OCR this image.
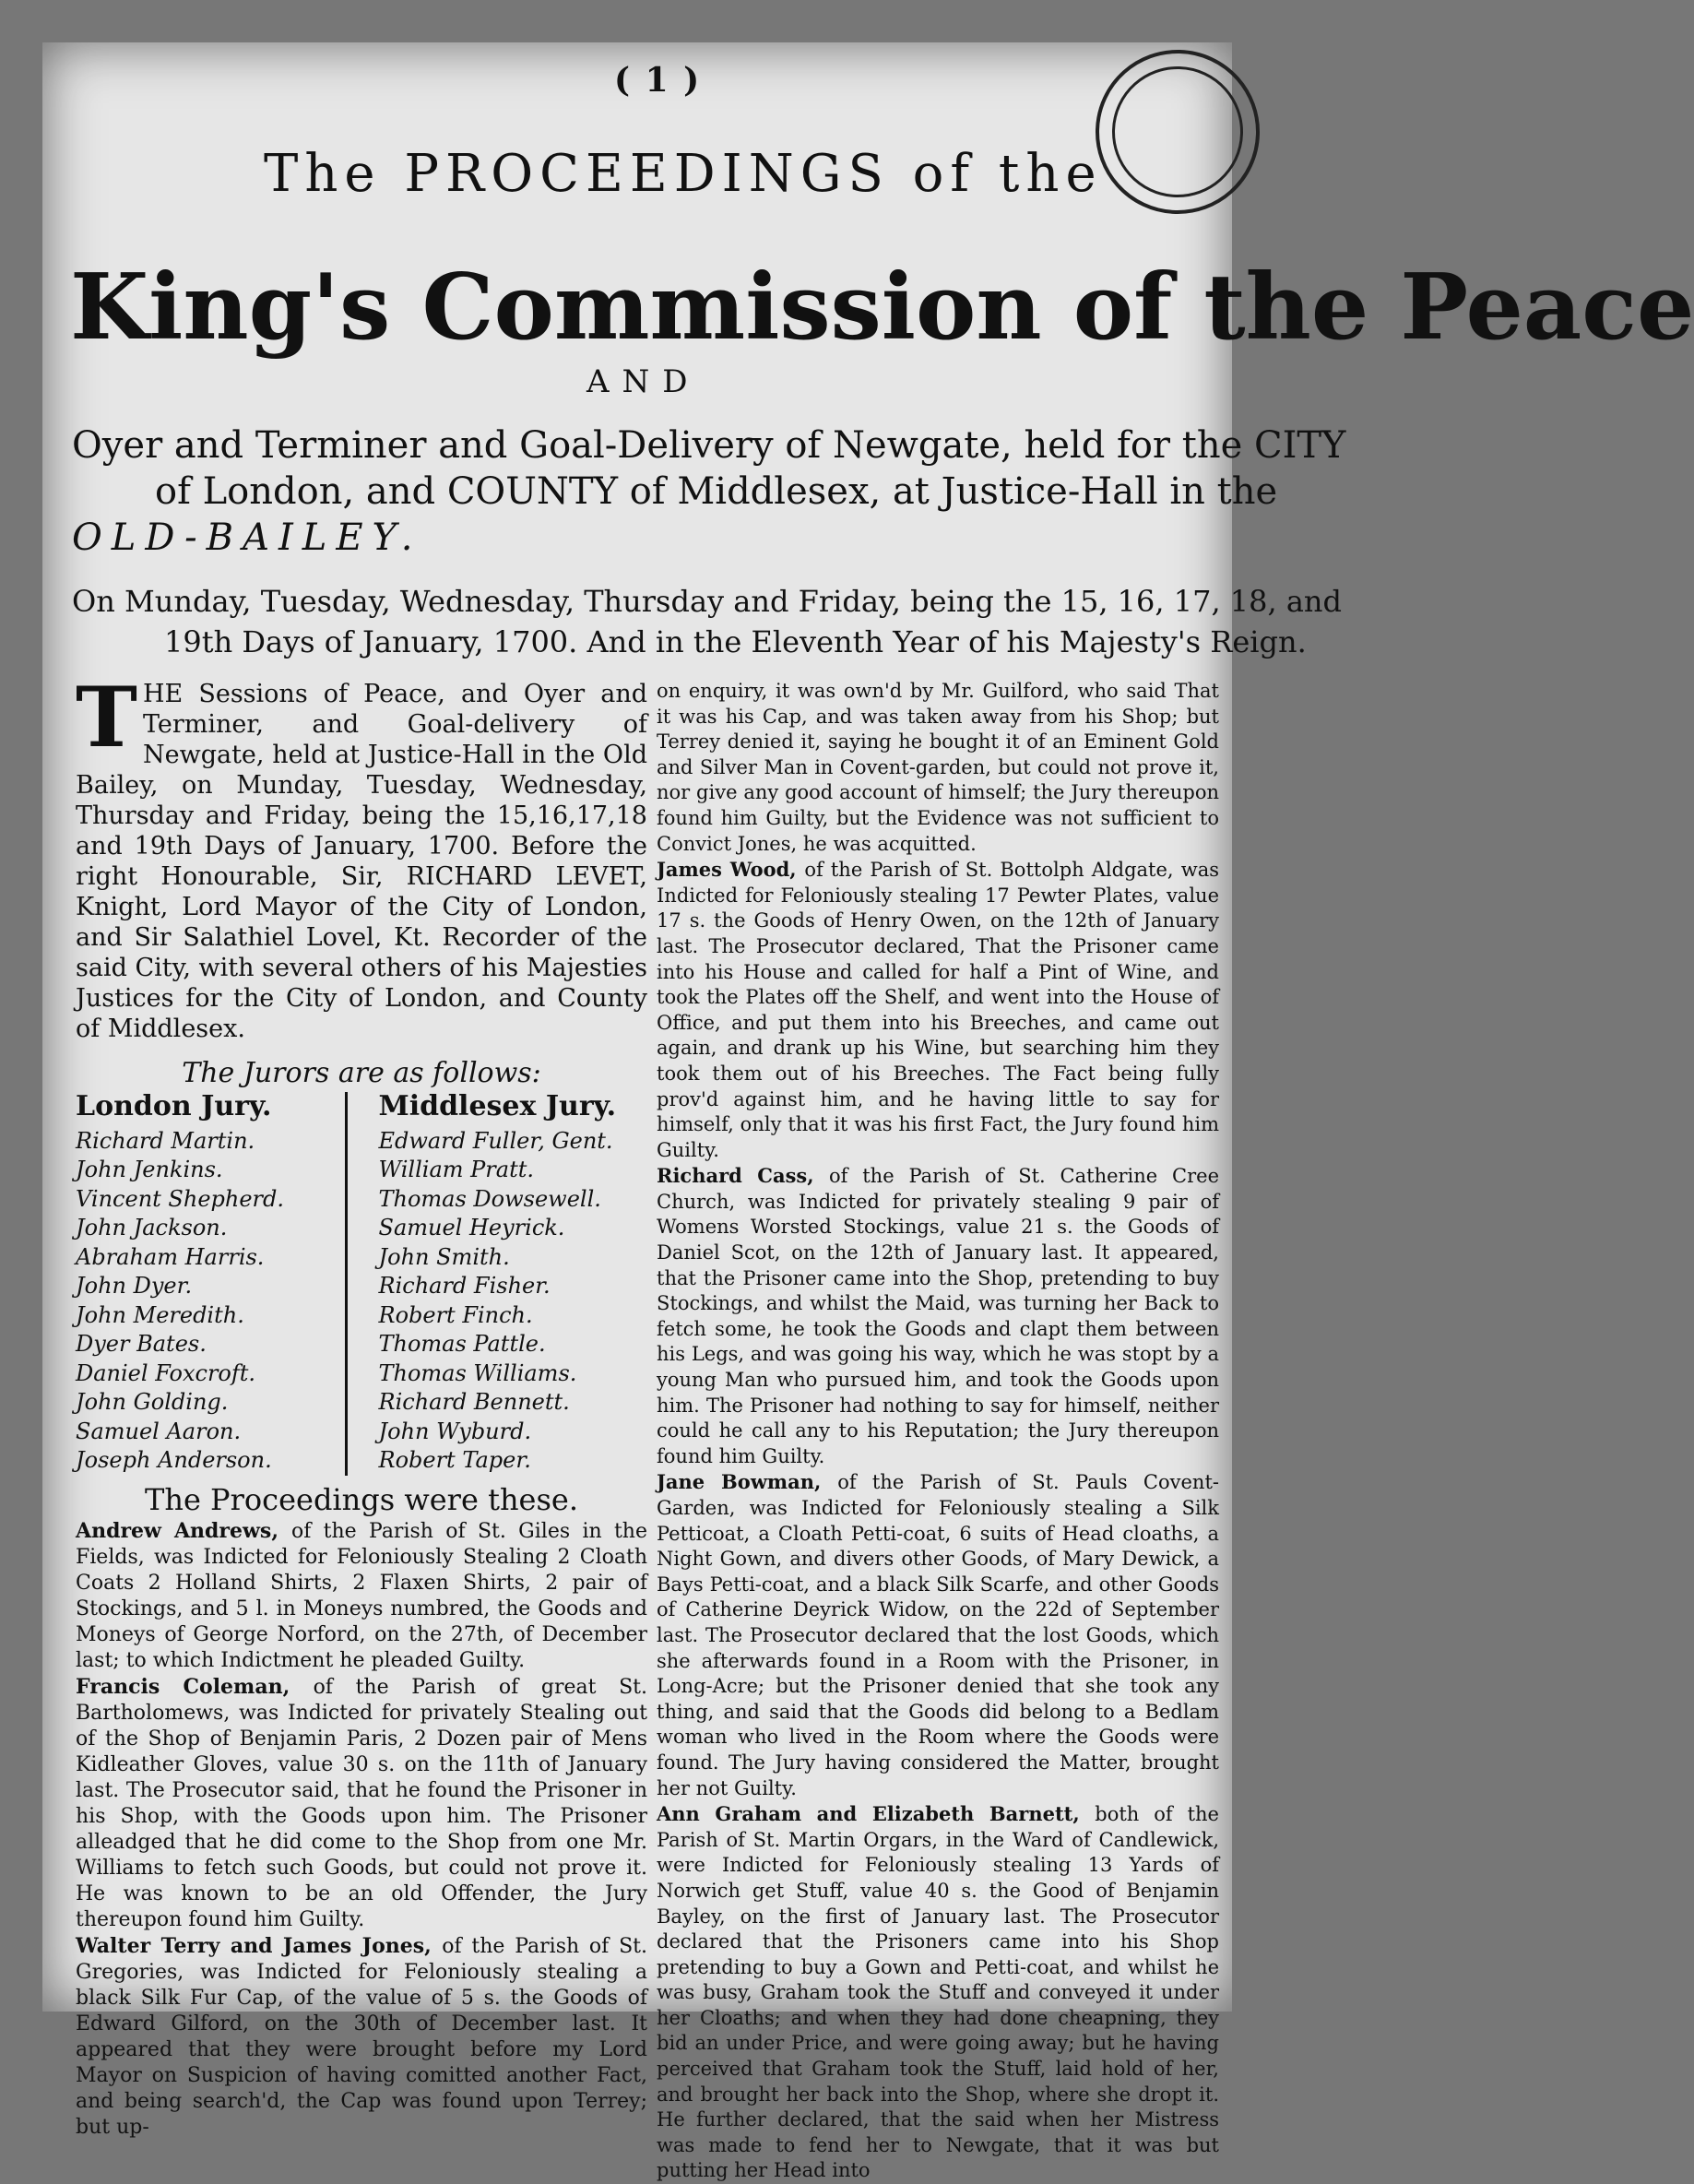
( 1 )
The PROCEEDINGS of the
King's Commission of the Peace
AND
Oyer and Terminer and Goal-Delivery of Newgate, held for the CITY
of London, and COUNTY of Middlesex, at Justice-Hall in the
OLD-BAILEY.
On Munday, Tuesday, Wednesday, Thursday and Friday, being the 15, 16, 17, 18, and
19th Days of January, 1700. And in the Eleventh Year of his Majesty's Reign.

THE Sessions of Peace, and Oyer and Terminer, and Goal-delivery of Newgate, held at Justice-Hall in the Old Bailey, on Munday, Tuesday, Wednesday, Thursday and Friday, being the 15,16,17,18 and 19th Days of January, 1700. Before the right Honourable, Sir, RICHARD LEVET, Knight, Lord Mayor of the City of London, and Sir Salathiel Lovel, Kt. Recorder of the said City, with several others of his Majesties Justices for the City of London, and County of Middlesex.

The Jurors are as follows:
London Jury.
Richard Martin.
John Jenkins.
Vincent Shepherd.
John Jackson.
Abraham Harris.
John Dyer.
John Meredith.
Dyer Bates.
Daniel Foxcroft.
John Golding.
Samuel Aaron.
Joseph Anderson.
Middlesex Jury.
Edward Fuller, Gent.
William Pratt.
Thomas Dowsewell.
Samuel Heyrick.
John Smith.
Richard Fisher.
Robert Finch.
Thomas Pattle.
Thomas Williams.
Richard Bennett.
John Wyburd.
Robert Taper.
The Proceedings were these.

Andrew Andrews, of the Parish of St. Giles in the Fields, was Indicted for Feloniously Stealing 2 Cloath Coats 2 Holland Shirts, 2 Flaxen Shirts, 2 pair of Stockings, and 5 l. in Moneys numbred, the Goods and Moneys of George Norford, on the 27th, of December last; to which Indictment he pleaded Guilty.

Francis Coleman, of the Parish of great St. Bartholomews, was Indicted for privately Stealing out of the Shop of Benjamin Paris, 2 Dozen pair of Mens Kidleather Gloves, value 30 s. on the 11th of January last. The Prosecutor said, that he found the Prisoner in his Shop, with the Goods upon him. The Prisoner alleadged that he did come to the Shop from one Mr. Williams to fetch such Goods, but could not prove it. He was known to be an old Offender, the Jury thereupon found him Guilty.

Walter Terry and James Jones, of the Parish of St. Gregories, was Indicted for Feloniously stealing a black Silk Fur Cap, of the value of 5 s. the Goods of Edward Gilford, on the 30th of December last. It appeared that they were brought before my Lord Mayor on Suspicion of having comitted another Fact, and being search'd, the Cap was found upon Terrey; but up-

on enquiry, it was own'd by Mr. Guilford, who said That it was his Cap, and was taken away from his Shop; but Terrey denied it, saying he bought it of an Eminent Gold and Silver Man in Covent-garden, but could not prove it, nor give any good account of himself; the Jury thereupon found him Guilty, but the Evidence was not sufficient to Convict Jones, he was acquitted.

James Wood, of the Parish of St. Bottolph Aldgate, was Indicted for Feloniously stealing 17 Pewter Plates, value 17 s. the Goods of Henry Owen, on the 12th of January last. The Prosecutor declared, That the Prisoner came into his House and called for half a Pint of Wine, and took the Plates off the Shelf, and went into the House of Office, and put them into his Breeches, and came out again, and drank up his Wine, but searching him they took them out of his Breeches. The Fact being fully prov'd against him, and he having little to say for himself, only that it was his first Fact, the Jury found him Guilty.

Richard Cass, of the Parish of St. Catherine Cree Church, was Indicted for privately stealing 9 pair of Womens Worsted Stockings, value 21 s. the Goods of Daniel Scot, on the 12th of January last. It appeared, that the Prisoner came into the Shop, pretending to buy Stockings, and whilst the Maid, was turning her Back to fetch some, he took the Goods and clapt them between his Legs, and was going his way, which he was stopt by a young Man who pursued him, and took the Goods upon him. The Prisoner had nothing to say for himself, neither could he call any to his Reputation; the Jury thereupon found him Guilty.

Jane Bowman, of the Parish of St. Pauls Covent-Garden, was Indicted for Feloniously stealing a Silk Petticoat, a Cloath Petti-coat, 6 suits of Head cloaths, a Night Gown, and divers other Goods, of Mary Dewick, a Bays Petti-coat, and a black Silk Scarfe, and other Goods of Catherine Deyrick Widow, on the 22d of September last. The Prosecutor declared that the lost Goods, which she afterwards found in a Room with the Prisoner, in Long-Acre; but the Prisoner denied that she took any thing, and said that the Goods did belong to a Bedlam woman who lived in the Room where the Goods were found. The Jury having considered the Matter, brought her not Guilty.

Ann Graham and Elizabeth Barnett, both of the Parish of St. Martin Orgars, in the Ward of Candlewick, were Indicted for Feloniously stealing 13 Yards of Norwich get Stuff, value 40 s. the Good of Benjamin Bayley, on the first of January last. The Prosecutor declared that the Prisoners came into his Shop pretending to buy a Gown and Petti-coat, and whilst he was busy, Graham took the Stuff and conveyed it under her Cloaths; and when they had done cheapning, they bid an under Price, and were going away; but he having perceived that Graham took the Stuff, laid hold of her, and brought her back into the Shop, where she dropt it. He further declared, that the said when her Mistress was made to fend her to Newgate, that it was but putting her Head into
